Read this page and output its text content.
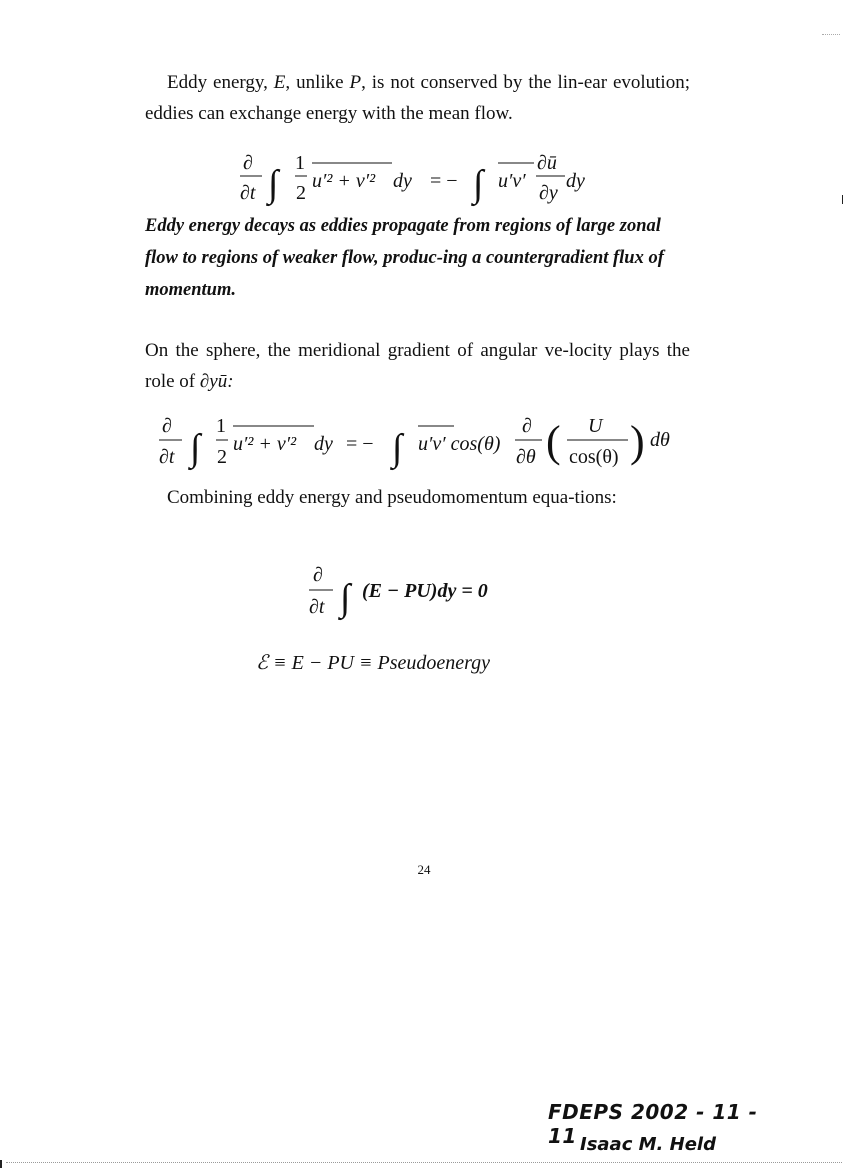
Eddy energy, E, unlike P, is not conserved by the lin-ear evolution; eddies can exchange energy with the mean flow.
∂
∂t ∫ 1
2
u′² + v′² dy = − ∫ u′v′
∂ū
∂y
dy
Eddy energy decays as eddies propagate from regions of large zonal flow to regions of weaker flow, produc-ing a countergradient flux of momentum.
On the sphere, the meridional gradient of angular ve-locity plays the role of ∂yū:
∂
∂t ∫
1
2
u′² + v′² dy = − ∫ u′v′ cos(θ)
∂
∂θ ( U
cos(θ) ) dθ
Combining eddy energy and pseudomomentum equa-tions:
∂
∂t ∫ (E − PU)dy = 0
ℰ ≡ E − PU ≡ Pseudoenergy
24
FDEPS 2002 - 11 - 11 Isaac M. Held
